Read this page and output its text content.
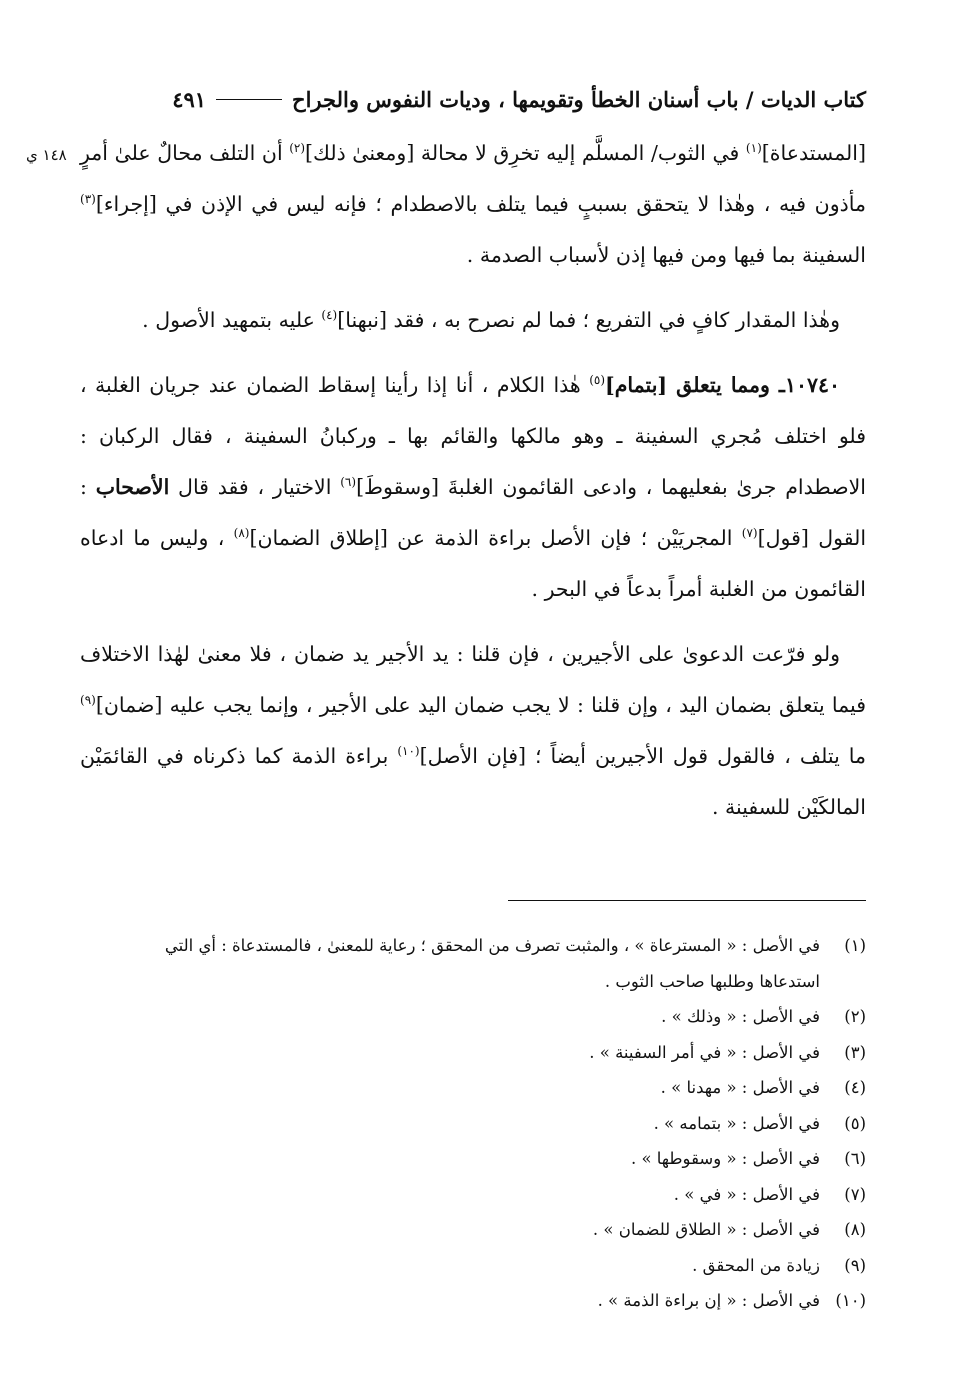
كتاب الديات / باب أسنان الخطأ وتقويمها ، وديات النفوس والجراح
٤٩١
١٤٨ ي	[المستدعاة]$^{(١)}$ في الثوب/ المسلَّم إليه تخرِق لا محالة [ومعنىٰ ذلك]$^{(٢)}$ أن التلف محالٌ علىٰ أمرٍ مأذون فيه ، وهٰذا لا يتحقق بسببٍ فيما يتلف بالاصطدام ؛ فإنه ليس في الإذن في [إجراء]$^{(٣)}$ السفينة بما فيها ومن فيها إذن لأسباب الصدمة .

وهٰذا المقدار كافٍ في التفريع ؛ فما لم نصرح به ، فقد [نبهنا]$^{(٤)}$ عليه بتمهيد الأصول .

١٠٧٤٠ـ ومما يتعلق [بتمام]$^{(٥)}$ هٰذا الكلام ، أنا إذا رأينا إسقاط الضمان عند جريان الغلبة ، فلو اختلف مُجري السفينة ـ وهو مالكها والقائم بها ـ وركبانُ السفينة ، فقال الركبان : الاصطدام جرىٰ بفعليهما ، وادعى القائمون الغلبةَ [وسقوطَ]$^{(٦)}$ الاختيار ، فقد قال الأصحاب : القول [قول]$^{(٧)}$ المجريَيْن ؛ فإن الأصل براءة الذمة عن [إطلاق الضمان]$^{(٨)}$ ، وليس ما ادعاه القائمون من الغلبة أمراً بدعاً في البحر .

ولو فرّعت الدعوىٰ على الأجيرين ، فإن قلنا : يد الأجير يد ضمان ، فلا معنىٰ لهٰذا الاختلاف فيما يتعلق بضمان اليد ، وإن قلنا : لا يجب ضمان اليد على الأجير ، وإنما يجب عليه [ضمان]$^{(٩)}$ ما يتلف ، فالقول قول الأجيرين أيضاً ؛ [فإن الأصل]$^{(١٠)}$ براءة الذمة كما ذكرناه في القائمَيْن المالكَيْن للسفينة .

(١)
في الأصل : « المسترعاة » ، والمثبت تصرف من المحقق ؛ رعاية للمعنىٰ ، فالمستدعاة : أي التي استدعاها وطلبها صاحب الثوب .
(٢)
في الأصل : « وذلك » .
(٣)
في الأصل : « في أمر السفينة » .
(٤)
في الأصل : « مهدنا » .
(٥)
في الأصل : « بتمامه » .
(٦)
في الأصل : « وسقوطها » .
(٧)
في الأصل : « في » .
(٨)
في الأصل : « الطلاق للضمان » .
(٩)
زيادة من المحقق .
(١٠)
في الأصل : « إن براءة الذمة » .
